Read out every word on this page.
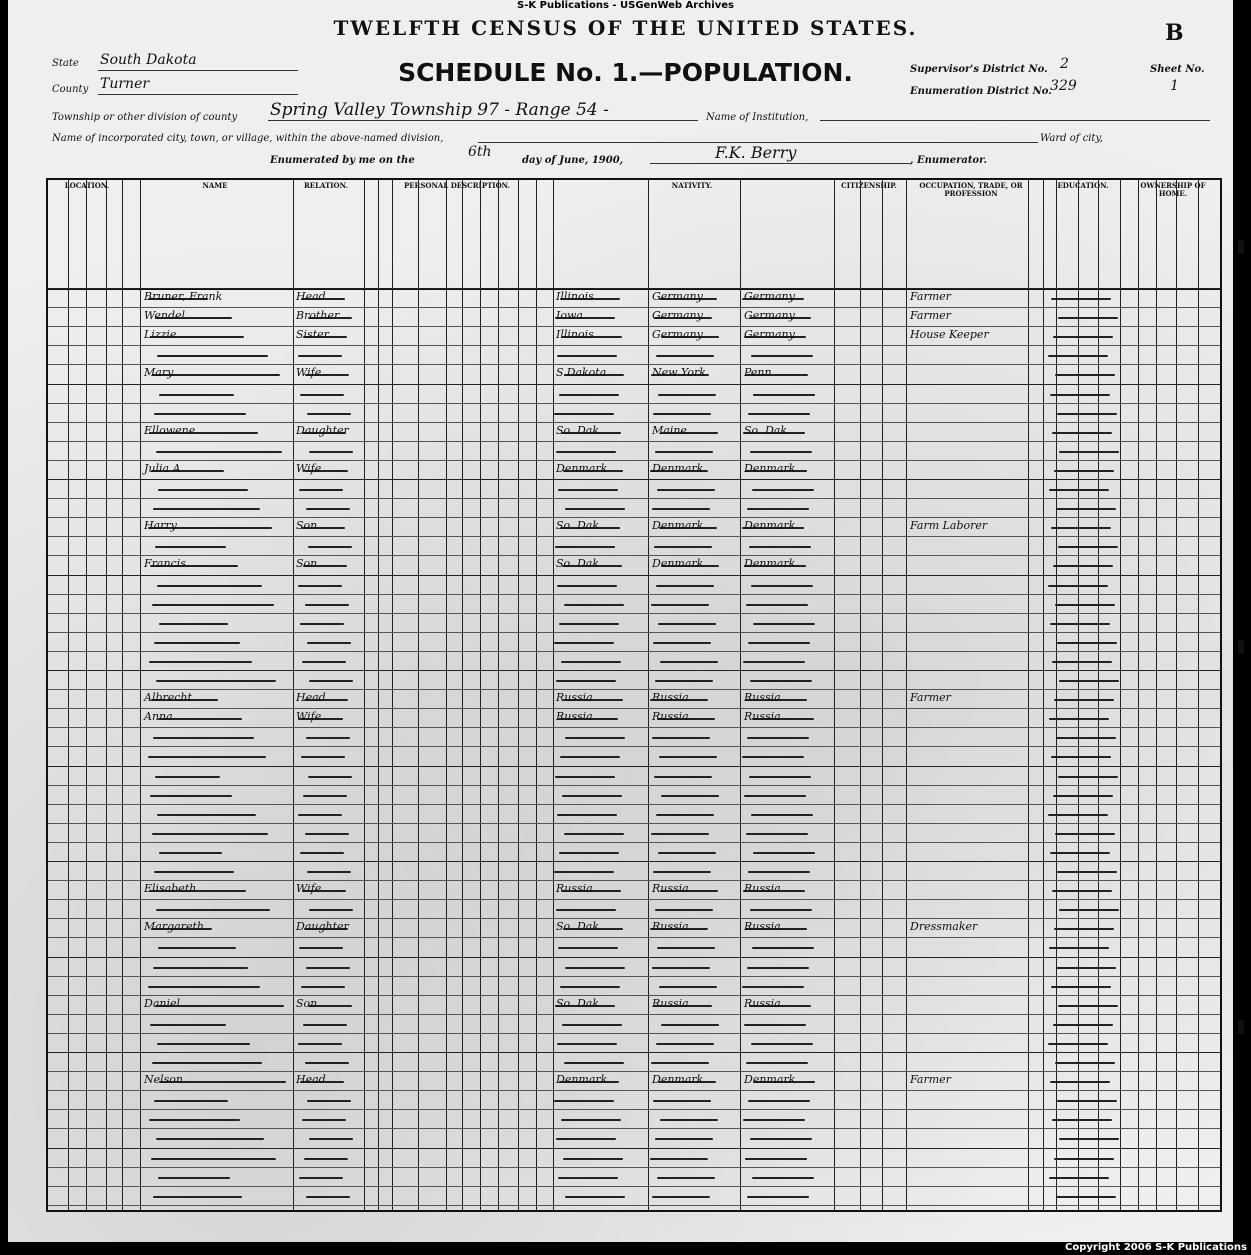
S-K Publications - USGenWeb Archives
TWELFTH CENSUS OF THE UNITED STATES.	B
SCHEDULE No. 1.—POPULATION.
State South Dakota
County Turner
Township or other division of county Spring Valley Township 97 - Range 54 -	Name of Institution,
Name of incorporated city, town, or village, within the above-named division,	Ward of city,
Enumerated by me on the
6th
day of June, 1900,	F.K. Berry	, Enumerator.
Supervisor's District No. 2
Enumeration District No.
329
Sheet No.
1
LOCATION.	NAME	RELATION.	PERSONAL DESCRIPTION.	NATIVITY.	CITIZENSHIP.	OCCUPATION, TRADE, OR PROFESSION
EDUCATION.	OWNERSHIP OF HOME.
Bruner, Frank	Head	Illinois	Germany	Germany	Farmer
Wendel	Brother	Iowa	Germany	Germany	Farmer
Lizzie	Sister	Illinois	Germany	Germany	House Keeper
Mary	Wife	S.Dakota	New York	Penn
Ellowene	Daughter	So. Dak	Maine	So. Dak
Julia A	Wife	Denmark	Denmark	Denmark
Harry	Son	So. Dak	Denmark	Denmark	Farm Laborer
Francis	Son	So. Dak	Denmark	Denmark
Albrecht	Head	Russia	Russia	Russia	Farmer
Anna	Wife	Russia	Russia	Russia
Elisabeth	Wife	Russia	Russia	Russia
Margareth	Daughter	So. Dak	Russia	Russia	Dressmaker
Daniel	Son	So. Dak	Russia	Russia
Nelson	Head	Denmark	Denmark	Denmark	Farmer
Copyright 2006 S-K Publications
